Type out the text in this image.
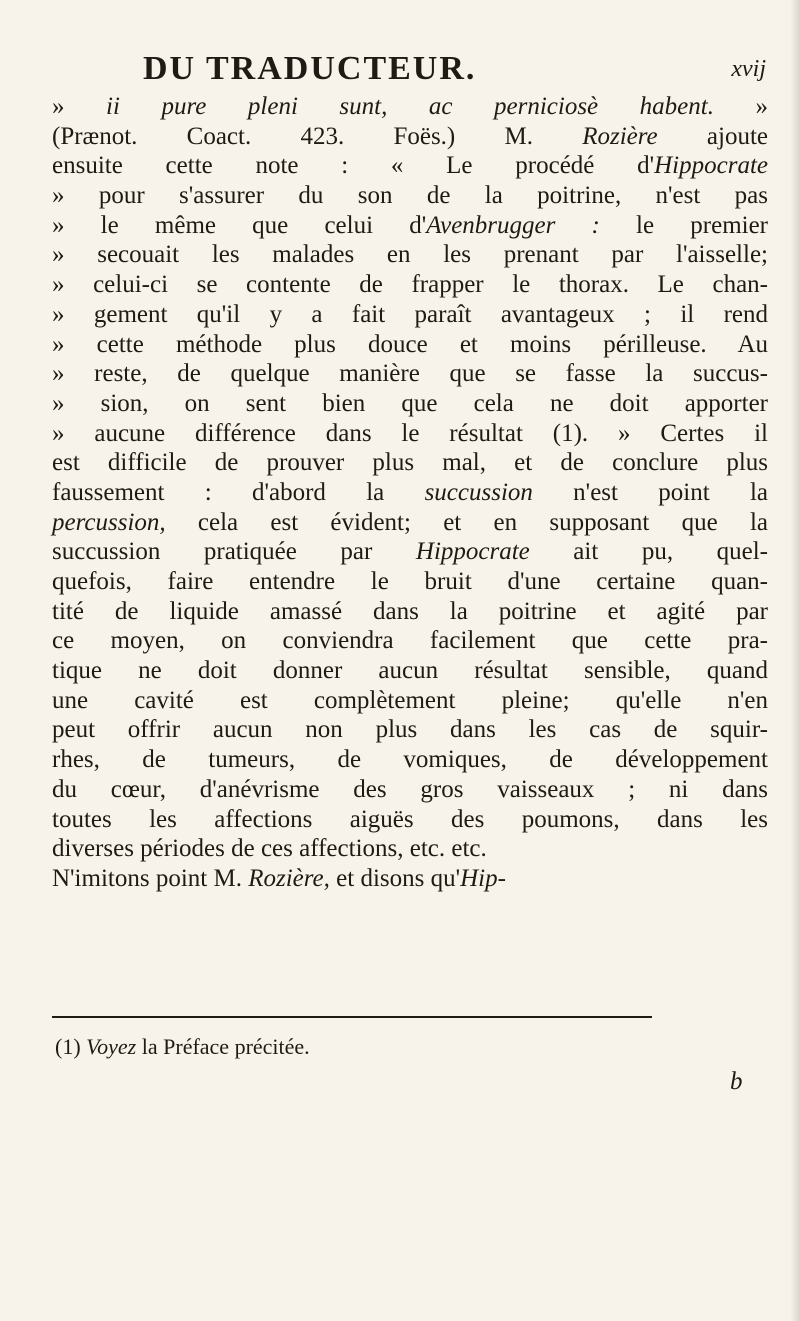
DU TRADUCTEUR.	xvij
» ii pure pleni sunt, ac perniciosè habent. »
(Prænot. Coact. 423. Foës.) M. Rozière ajoute
ensuite cette note : « Le procédé d'Hippocrate
» pour s'assurer du son de la poitrine, n'est pas
» le même que celui d'Avenbrugger : le premier
» secouait les malades en les prenant par l'aisselle;
» celui-ci se contente de frapper le thorax. Le chan-
» gement qu'il y a fait paraît avantageux ; il rend
» cette méthode plus douce et moins périlleuse. Au
» reste, de quelque manière que se fasse la succus-
» sion, on sent bien que cela ne doit apporter
» aucune différence dans le résultat (1). » Certes il
est difficile de prouver plus mal, et de conclure plus
faussement : d'abord la succussion n'est point la
percussion, cela est évident; et en supposant que la
succussion pratiquée par Hippocrate ait pu, quel-
quefois, faire entendre le bruit d'une certaine quan-
tité de liquide amassé dans la poitrine et agité par
ce moyen, on conviendra facilement que cette pra-
tique ne doit donner aucun résultat sensible, quand
une cavité est complètement pleine; qu'elle n'en
peut offrir aucun non plus dans les cas de squir-
rhes, de tumeurs, de vomiques, de développement
du cœur, d'anévrisme des gros vaisseaux ; ni dans
toutes les affections aiguës des poumons, dans les
diverses périodes de ces affections, etc. etc.
N'imitons point M. Rozière, et disons qu'Hip-
(1) Voyez la Préface précitée.
b
